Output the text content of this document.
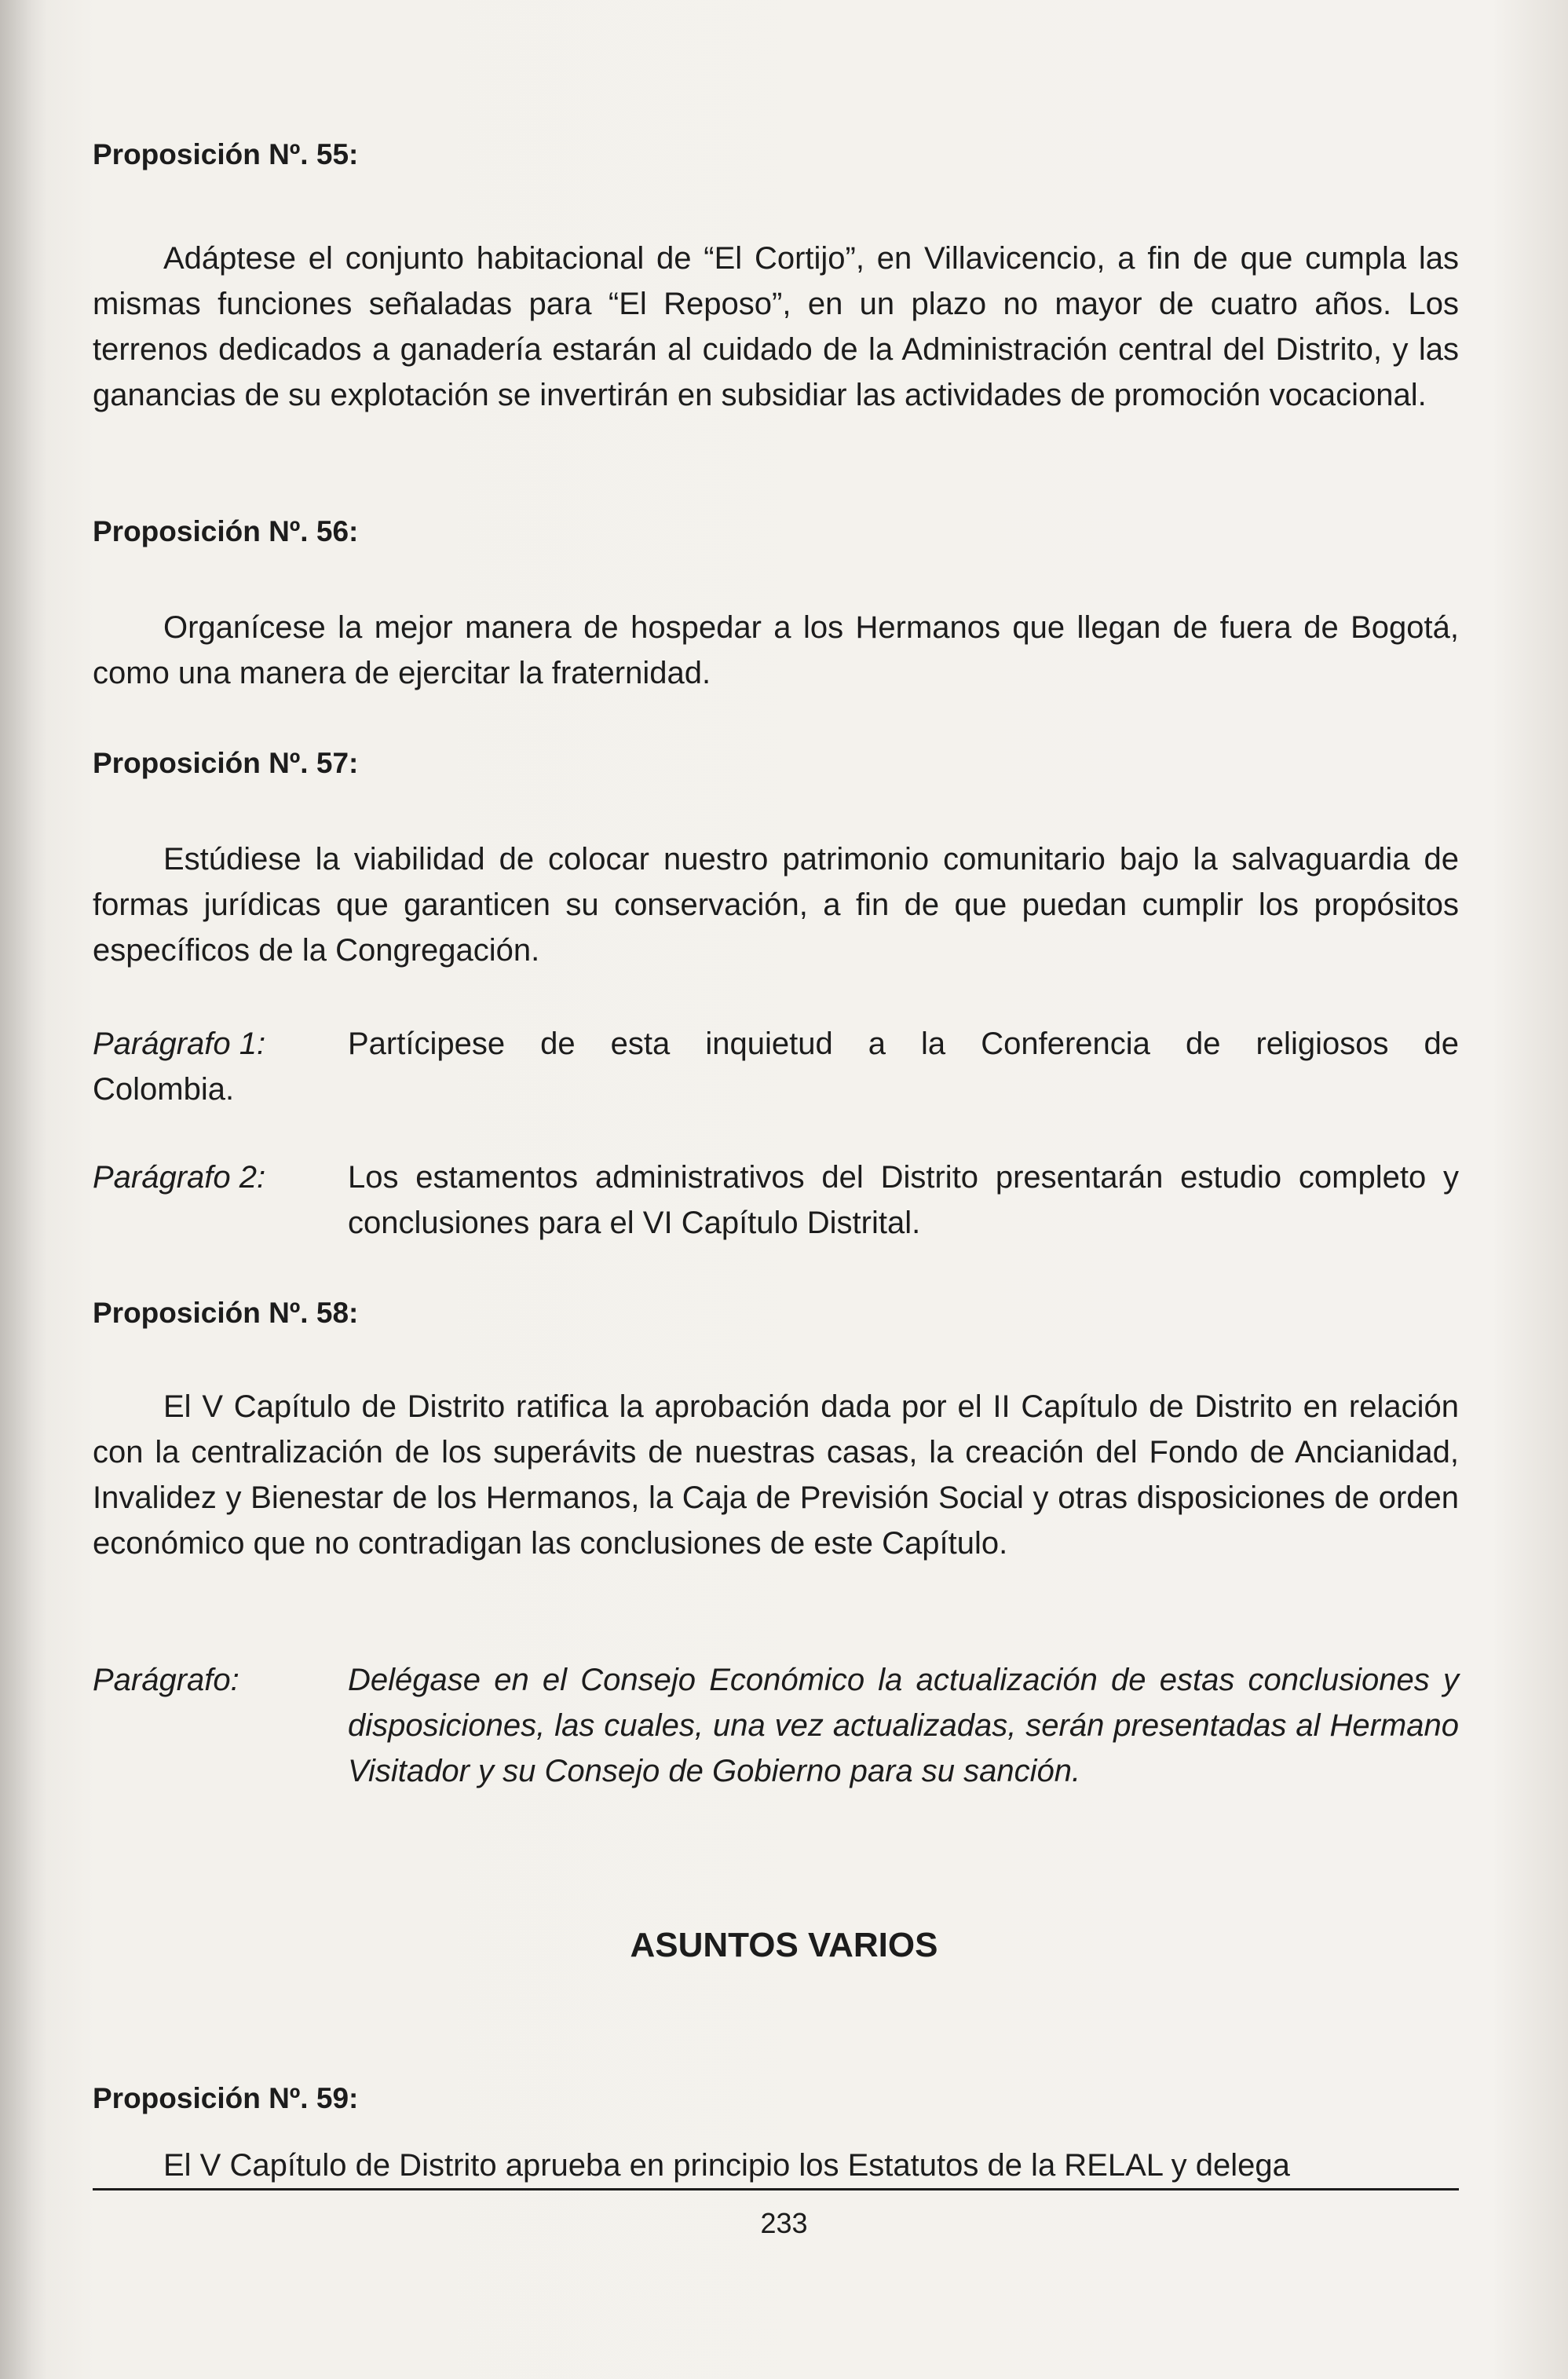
Proposición Nº. 55:

Adáptese el conjunto habitacional de “El Cortijo”, en Villavicencio, a fin de que cumpla las mismas funciones señaladas para “El Reposo”, en un plazo no mayor de cuatro años. Los terrenos dedicados a ganadería estarán al cuidado de la Administración central del Distrito, y las ganancias de su explotación se invertirán en subsidiar las actividades de promoción vocacional.

Proposición Nº. 56:

Organícese la mejor manera de hospedar a los Hermanos que llegan de fuera de Bogotá, como una manera de ejercitar la fraternidad.

Proposición Nº. 57:

Estúdiese la viabilidad de colocar nuestro patrimonio comunitario bajo la salvaguardia de formas jurídicas que garanticen su conservación, a fin de que puedan cumplir los propósitos específicos de la Congregación.

Parágrafo 1:	Partícipese de esta inquietud a la Conferencia de religiosos de
Colombia.
Parágrafo 2:	Los estamentos administrativos del Distrito presentarán estudio completo y conclusiones para el VI Capítulo Distrital.

Proposición Nº. 58:

El V Capítulo de Distrito ratifica la aprobación dada por el II Capítulo de Distrito en relación con la centralización de los superávits de nuestras casas, la creación del Fondo de Ancianidad, Invalidez y Bienestar de los Hermanos, la Caja de Previsión Social y otras disposiciones de orden económico que no contradigan las conclusiones de este Capítulo.

Parágrafo:	Delégase en el Consejo Económico la actualización de estas conclusiones y disposiciones, las cuales, una vez actualizadas, serán presentadas al Hermano Visitador y su Consejo de Gobierno para su sanción.
ASUNTOS VARIOS

Proposición Nº. 59:

El V Capítulo de Distrito aprueba en principio los Estatutos de la RELAL y delega

233
